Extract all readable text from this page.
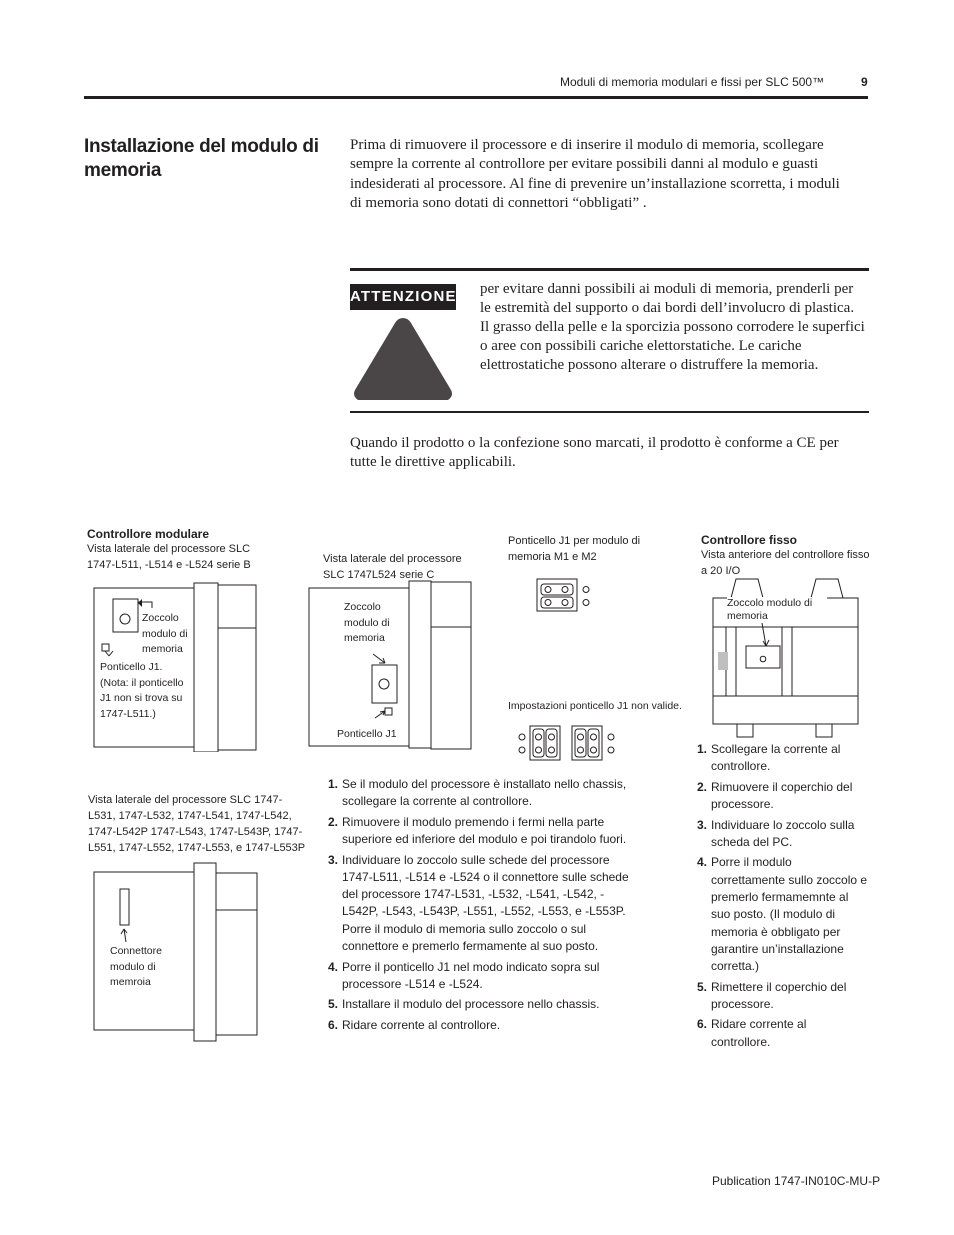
Moduli di memoria modulari e fissi per SLC 500™	9
Installazione del modulo di memoria
Prima di rimuovere il processore e di inserire il modulo di memoria, scollegare sempre la corrente al controllore per evitare possibili danni al modulo e guasti indesiderati al processore. Al fine di prevenire un’installazione scorretta, i moduli di memoria sono dotati di connettori “obbligati” .
ATTENZIONE per evitare danni possibili ai moduli di memoria, prenderli per le estremità del supporto o dai bordi dell’involucro di plastica. Il grasso della pelle e la sporcizia possono corrodere le superfici o aree con possibili cariche elettorstatiche. Le cariche elettrostatiche possono alterare o distruffere la memoria.
Quando il prodotto o la confezione sono marcati, il prodotto è conforme a CE per tutte le direttive applicabili.
Controllore modulare
Vista laterale del processore SLC 1747-L511, -L514 e -L524 serie B
Zoccolo modulo di memoria
Ponticello J1. (Nota: il ponticello J1 non si trova su 1747-L511.)
Vista laterale del processore SLC 1747L524 serie C
Zoccolo modulo di memoria
Ponticello J1
Ponticello J1 per modulo di memoria M1 e M2
Impostazioni ponticello J1 non valide.
Vista laterale del processore SLC 1747-L531, 1747-L532, 1747-L541, 1747-L542, 1747-L542P 1747-L543, 1747-L543P, 1747-L551, 1747-L552, 1747-L553, e 1747-L553P
Connettore modulo di memroia
Controllore fisso
Vista anteriore del controllore fisso a 20 I/O
Zoccolo modulo di memoria
1. Se il modulo del processore è installato nello chassis, scollegare la corrente al controllore.
2. Rimuovere il modulo premendo i fermi nella parte superiore ed inferiore del modulo e poi tirandolo fuori.
3. Individuare lo zoccolo sulle schede del processore 1747-L511, -L514 e -L524 o il connettore sulle schede del processore 1747-L531, -L532, -L541, -L542, -L542P, -L543, -L543P, -L551, -L552, -L553, e -L553P. Porre il modulo di memoria sullo zoccolo o sul connettore e premerlo fermamente al suo posto.
4. Porre il ponticello J1 nel modo indicato sopra sul processore -L514 e -L524.
5. Installare il modulo del processore nello chassis.
6. Ridare corrente al controllore.
1. Scollegare la corrente al controllore.
2. Rimuovere il coperchio del processore.
3. Individuare lo zoccolo sulla scheda del PC.
4. Porre il modulo correttamente sullo zoccolo e premerlo fermamemnte al suo posto. (Il modulo di memoria è obbligato per garantire un’installazione corretta.)
5. Rimettere il coperchio del processore.
6. Ridare corrente al controllore.
Publication 1747-IN010C-MU-P
